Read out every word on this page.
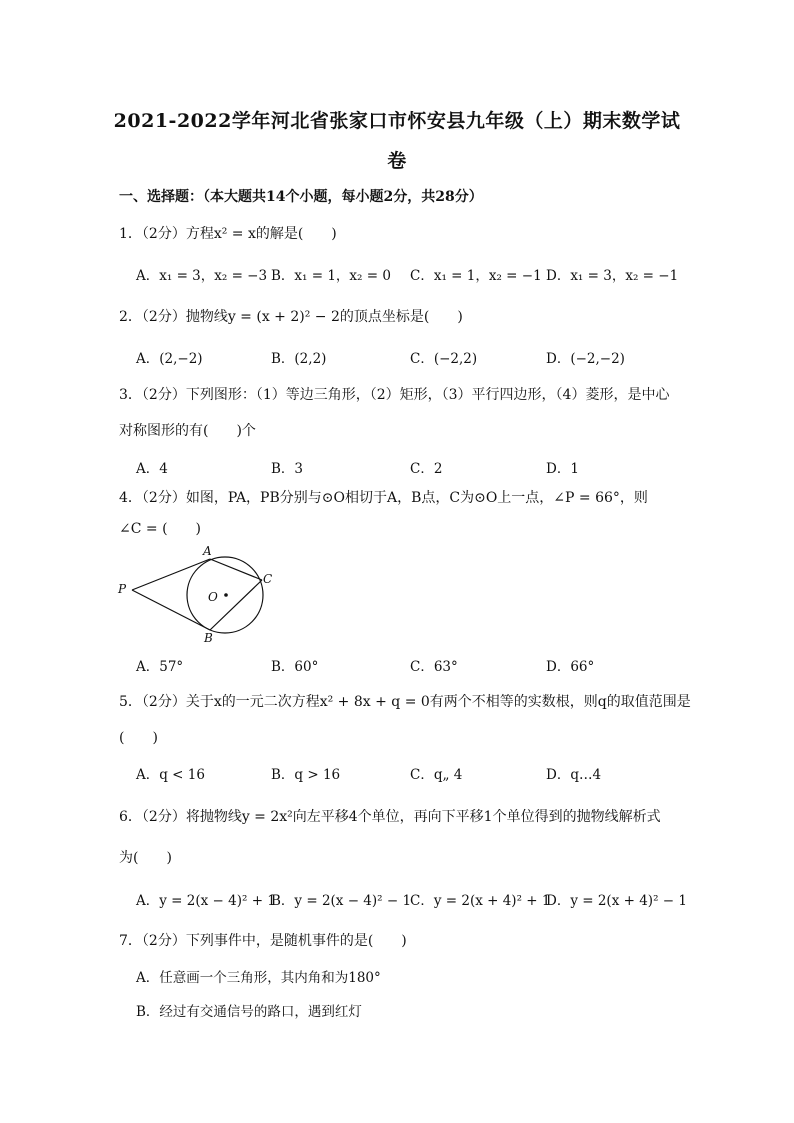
2021-2022学年河北省张家口市怀安县九年级（上）期末数学试
卷
一、选择题：（本大题共14个小题，每小题2分，共28分）
1．（2分）方程x² = x的解是(　　)
A．x₁ = 3，x₂ = −3 B．x₁ = 1，x₂ = 0 C．x₁ = 1，x₂ = −1 D．x₁ = 3，x₂ = −1
2．（2分）抛物线y = (x + 2)² − 2的顶点坐标是(　　)
A．(2,−2)	B．(2,2)	C．(−2,2)	D．(−2,−2)
3．（2分）下列图形：（1）等边三角形，（2）矩形，（3）平行四边形，（4）菱形，是中心
对称图形的有(　　)个
A．4	B．3	C．2	D．1
4．（2分）如图，PA，PB分别与⊙O相切于A，B点，C为⊙O上一点，∠P = 66°，则
∠C = (　　)
A
B
C
P
O
A．57°	B．60°	C．63°	D．66°
5．（2分）关于x的一元二次方程x² + 8x + q = 0有两个不相等的实数根，则q的取值范围是
(　　)
A．q < 16	B．q > 16	C．q„ 4	D．q…4
6．（2分）将抛物线y = 2x²向左平移4个单位，再向下平移1个单位得到的抛物线解析式
为(　　)
A．y = 2(x − 4)² + 1
B．y = 2(x − 4)² − 1
C．y = 2(x + 4)² + 1
D．y = 2(x + 4)² − 1
7．（2分）下列事件中，是随机事件的是(　　)
A．任意画一个三角形，其内角和为180°
B．经过有交通信号的路口，遇到红灯
